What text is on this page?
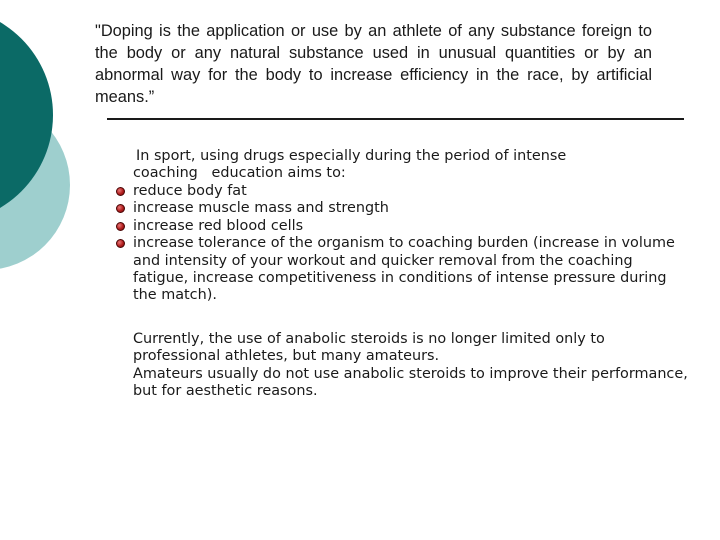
"Doping is the application or use by an athlete of any substance foreign to the body or any natural substance used in unusual quantities or by an abnormal way for the body to increase efficiency in the race, by artificial means.”
In sport, using drugs especially during the period of intense
coaching   education aims to:
reduce body fat
increase muscle mass and strength
increase red blood cells
increase tolerance of the organism to coaching burden (increase in volume and intensity of your workout and quicker removal from the coaching fatigue, increase competitiveness in conditions of intense pressure during the match).

Currently, the use of anabolic steroids is no longer limited only to professional athletes, but many amateurs.

Amateurs usually do not use anabolic steroids to improve their performance, but for aesthetic reasons.
